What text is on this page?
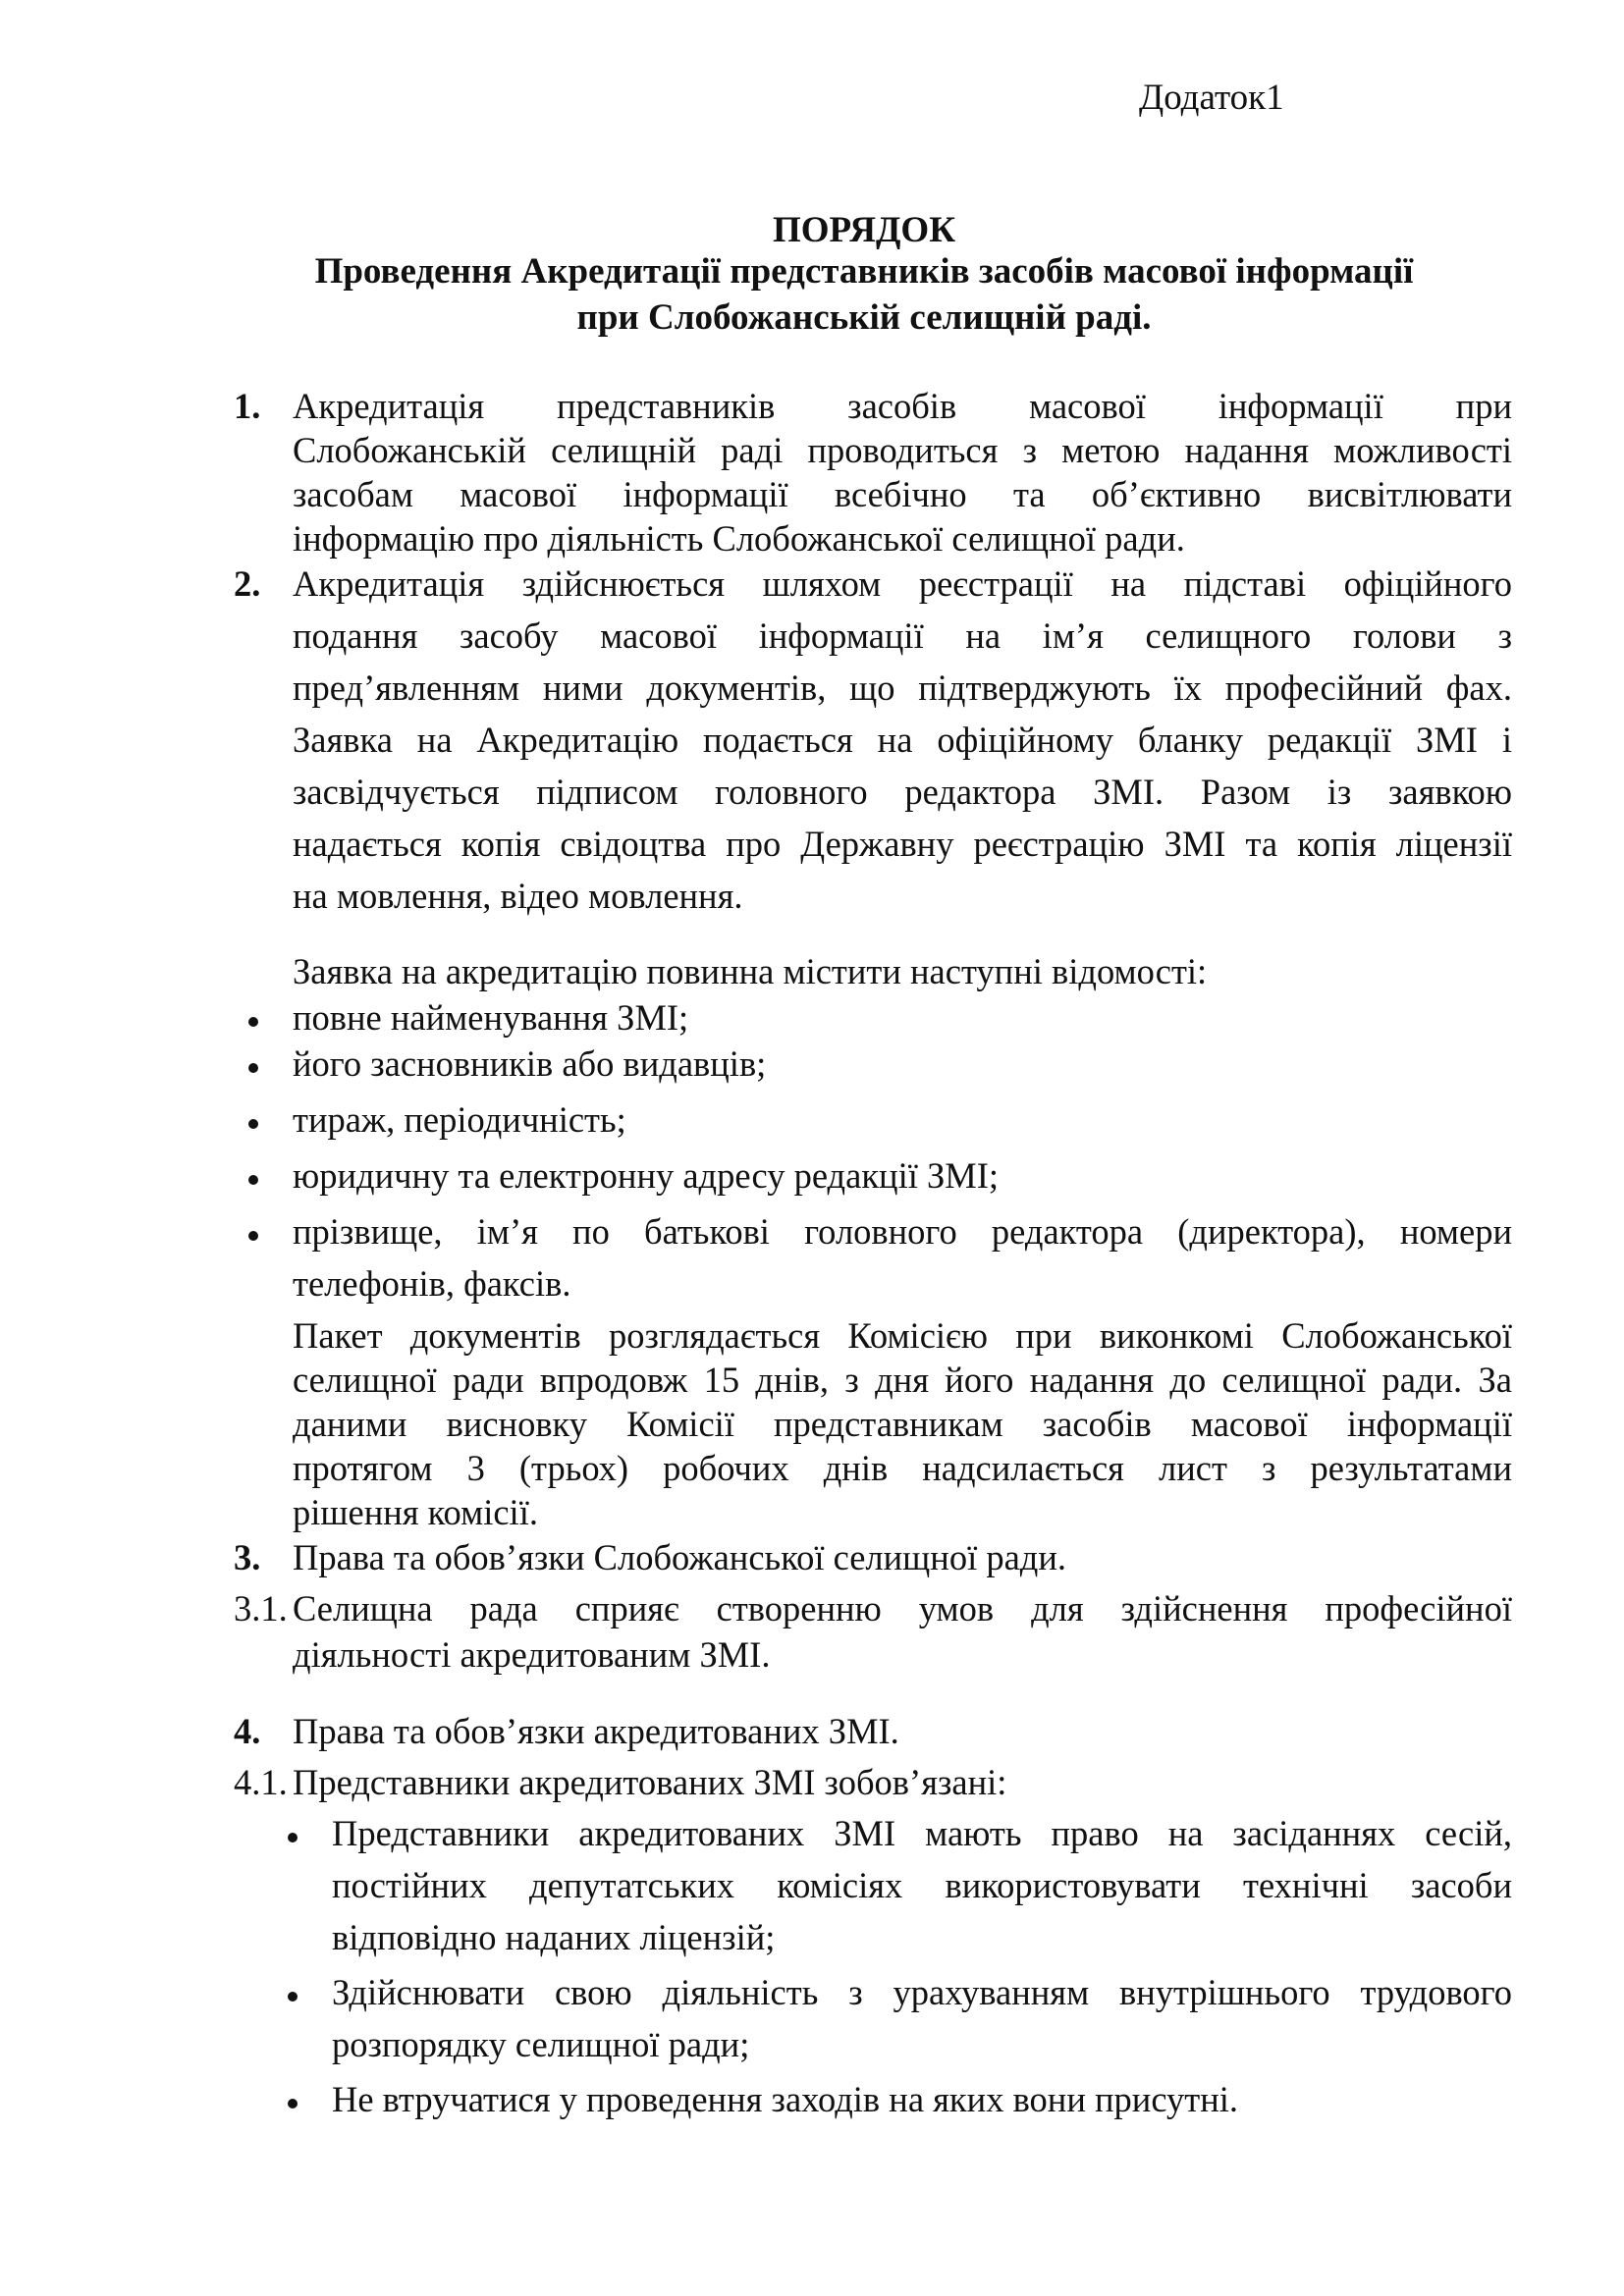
Додаток1
ПОРЯДОК
Проведення Акредитації представників засобів масової інформації
при Слобожанській селищній раді.
1. Акредитація представників засобів масової інформації при
Слобожанській селищній раді проводиться з метою надання можливості
засобам масової інформації всебічно та об’єктивно висвітлювати
інформацію про діяльність Слобожанської селищної ради.
2. Акредитація здійснюється шляхом реєстрації на підставі офіційного
подання засобу масової інформації на ім’я селищного голови з
пред’явленням ними документів, що підтверджують їх професійний фах.
Заявка на Акредитацію подається на офіційному бланку редакції ЗМІ і
засвідчується підписом головного редактора ЗМІ. Разом із заявкою
надається копія свідоцтва про Державну реєстрацію ЗМІ та копія ліцензії
на мовлення, відео мовлення.
Заявка на акредитацію повинна містити наступні відомості:
повне найменування ЗМІ;
його засновників або видавців;
тираж, періодичність;
юридичну та електронну адресу редакції ЗМІ;
прізвище, ім’я по батькові головного редактора (директора), номери
телефонів, факсів.
Пакет документів розглядається Комісією при виконкомі Слобожанської
селищної ради впродовж 15 днів, з дня його надання до селищної ради. За
даними висновку Комісії представникам засобів масової інформації
протягом 3 (трьох) робочих днів надсилається лист з результатами
рішення комісії.
3. Права та обов’язки Слобожанської селищної ради.
3.1. Селищна рада сприяє створенню умов для здійснення професійної
діяльності акредитованим ЗМІ.
4. Права та обов’язки акредитованих ЗМІ.
4.1. Представники акредитованих ЗМІ зобов’язані:
Представники акредитованих ЗМІ мають право на засіданнях сесій,
постійних депутатських комісіях використовувати технічні засоби
відповідно наданих ліцензій;
Здійснювати свою діяльність з урахуванням внутрішнього трудового
розпорядку селищної ради;
Не втручатися у проведення заходів на яких вони присутні.
